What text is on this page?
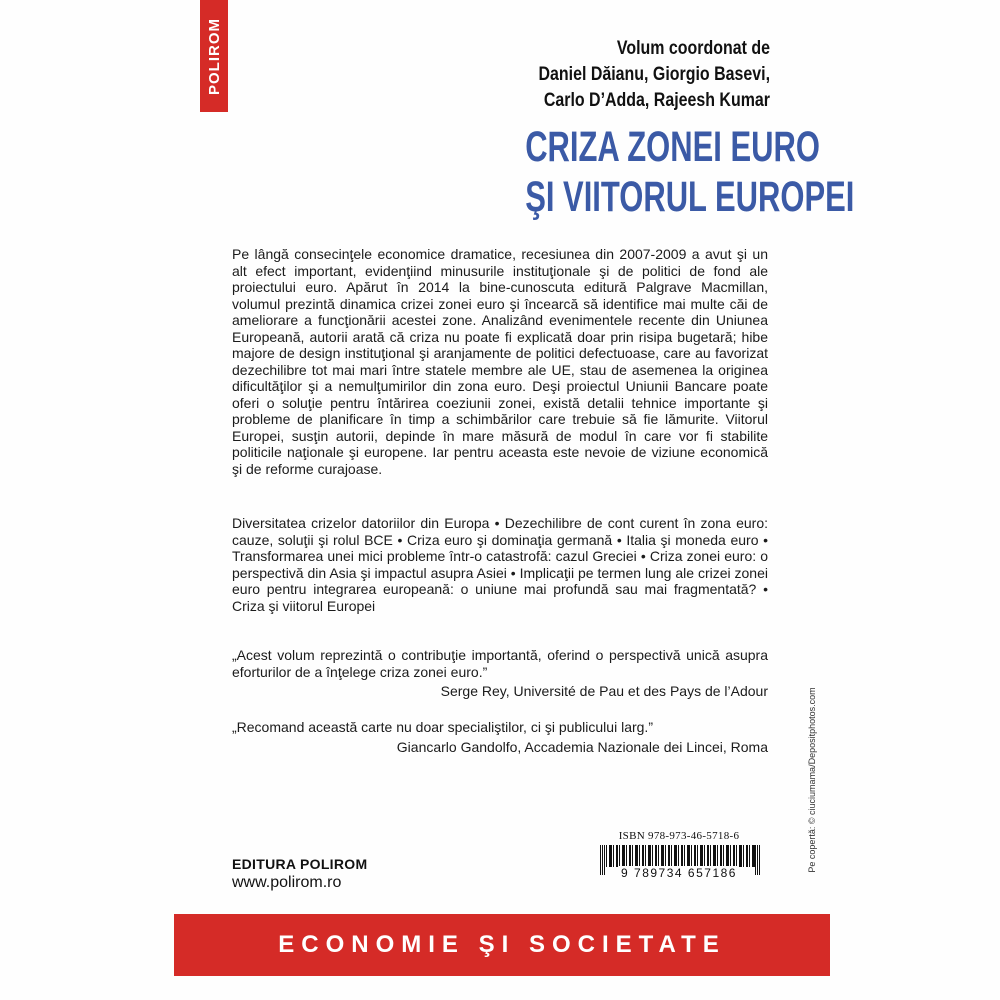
POLIROM	Volum coordonat de
Daniel Dăianu, Giorgio Basevi,
Carlo D’Adda, Rajeesh Kumar
CRIZA ZONEI EURO
ŞI VIITORUL EUROPEI

Pe lângă consecinţele economice dramatice, recesiunea din 2007-2009 a avut şi un alt efect important, evidenţiind minusurile instituţionale şi de politici de fond ale proiectului euro. Apărut în 2014 la bine-cunoscuta editură Palgrave Macmillan, volumul prezintă dinamica crizei zonei euro şi încearcă să identifice mai multe căi de ameliorare a funcţionării acestei zone. Analizând evenimentele recente din Uniunea Europeană, autorii arată că criza nu poate fi explicată doar prin risipa bugetară; hibe majore de design instituţional şi aranjamente de politici defectuoase, care au favorizat dezechilibre tot mai mari între statele membre ale UE, stau de asemenea la originea dificultăţilor şi a nemulţumirilor din zona euro. Deşi proiectul Uniunii Bancare poate oferi o soluţie pentru întărirea coeziunii zonei, există detalii tehnice importante şi probleme de planificare în timp a schimbărilor care trebuie să fie lămurite. Viitorul Europei, susţin autorii, depinde în mare măsură de modul în care vor fi stabilite politicile naţionale şi europene. Iar pentru aceasta este nevoie de viziune economică şi de reforme curajoase.

Diversitatea crizelor datoriilor din Europa • Dezechilibre de cont curent în zona euro: cauze, soluţii şi rolul BCE • Criza euro şi dominaţia germană • Italia şi moneda euro • Transformarea unei mici probleme într-o catastrofă: cazul Greciei • Criza zonei euro: o perspectivă din Asia şi impactul asupra Asiei • Implicaţii pe termen lung ale crizei zonei euro pentru integrarea europeană: o uniune mai profundă sau mai fragmentată? • Criza şi viitorul Europei

„Acest volum reprezintă o contribuţie importantă, oferind o perspectivă unică asupra eforturilor de a înţelege criza zonei euro.”
Serge Rey, Université de Pau et des Pays de l’Adour
„Recomand această carte nu doar specialiştilor, ci şi publicului larg.”
Giancarlo Gandolfo, Accademia Nazionale dei Lincei, Roma	Pe copertă: © ciuciumama/Depositphotos.com
ISBN 978-973-46-5718-6
9 789734 657186
EDITURA POLIROM
www.polirom.ro
ECONOMIE ŞI SOCIETATE
